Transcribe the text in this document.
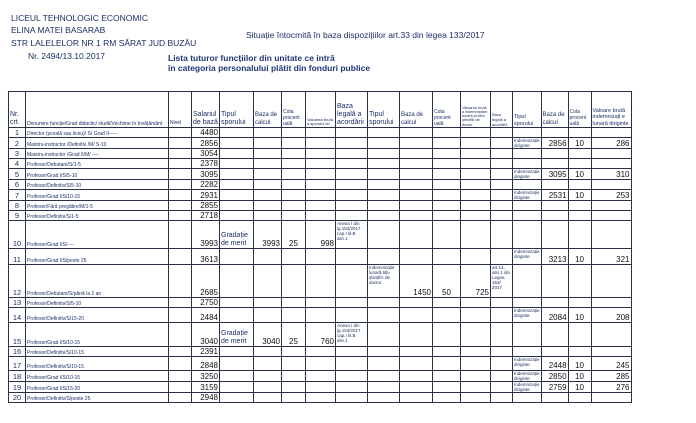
LICEUL TEHNOLOGIC ECONOMIC
ELINA MATEI BASARAB
STR LALELELOR NR 1 RM SĂRAT JUD BUZĂU
Nr. 2494/13.10.2017
Situație întocmită în baza dispozițiilor art.33 din legea 133/2017
Lista tuturor funcțiilor din unitate ce intră
în categoria personalului plătit din fonduri publice
Nr. crt.	Denumire funcție/Grad didactic/ studii/Vechime în învățământ	Nivel	Salariul de bază	Tipul sporului	Baza de calcul	Cota procent uală	Valoarea brută a sporului lei	Baza legală a acordării	Tipul sporului	Baza de calcul	Cota procent uală	Valoarea brută a indemnizației lunară pt.titlul științific de doctor	Baza legală a acordării	Tipul sporului	Baza de calcul	Cota procent uală	Valoare brută indemnizați e lunară diriginte
1	Director (școală sau liceu)/ S/ Grad II-----		4480														
2	Maistru-instructor /Definitiv /M/ S-10		2856											Indemnizație diriginte	2856	10	286
3	Maistru-instructor /Grad II/M/ ----		3054														
4	Profesor/Debutant/S/1-5		2378														
5	Profesor/Grad I/S/5-10		3095											Indemnizație diriginte	3095	10	310
6	Profesor/Definitiv/S/5-10		2282														
7	Profesor/Grad I/S/10-15		2931											Indemnizație diriginte	2531	10	253
8	Profesor/Fără pregătire/M/1-5		2855														
9	Profesor/Definitiv/S/1-5		2718														
10	Profesor/Grad I/S/----		3993	Gradație de merit	3993	25	998	Anexa I din lg.153/2017 cap.I lit.B alin.1									
11	Profesor/Grad I/S/peste 25		3613											Indemnizație diriginte	3213	10	321
12	Profesor/Debutant/S/până la 1 an		2685						Indemnizație lunară titlu științific de doctor	1450	50	725	art.14, alin.1 din Legea 153/ 2017				
13	Profesor/Definitiv/S/5-10		2750														
14	Profesor/Definitiv/S/15-20		2484											Indemnizație diriginte	2084	10	208
15	Profesor/Grad I/S/10-15		3040	Gradație de merit	3040	25	760	Anexa I din lg.153/2017 cap.I lit.B alin.1									
16	Profesor/Definitiv/S/10-15		2391														
17	Profesor/Definitiv/S/10-15		2848											Indemnizație diriginte	2448	10	245
18	Profesor/Grad I/S/10-15		3250											Indemnizație diriginte	2850	10	285
19	Profesor/Grad I/S/15-20		3159											Indemnizație diriginte	2759	10	276
20	Profesor/Definitiv/S/peste 25		2948														
